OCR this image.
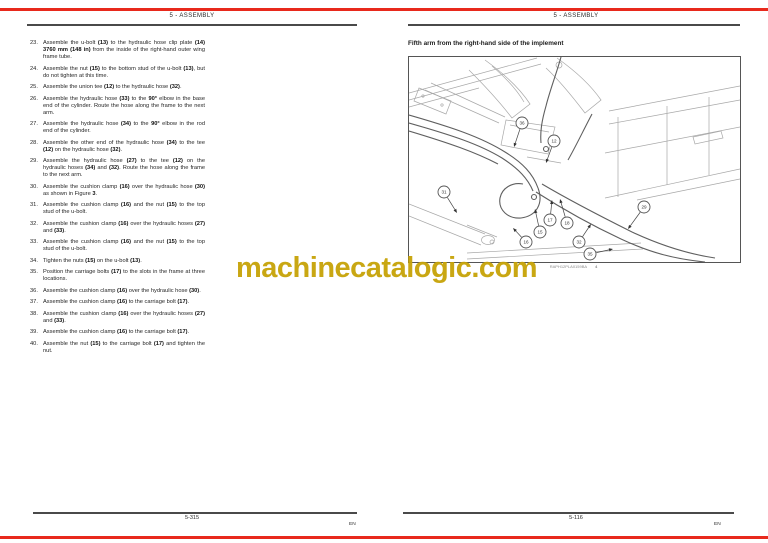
5 - ASSEMBLY
23. Assemble the u-bolt (13) to the hydraulic hose clip plate (14) 3760 mm (148 in) from the inside of the right-hand outer wing frame tube.
24. Assemble the nut (15) to the bottom stud of the u-bolt (13), but do not tighten at this time.
25. Assemble the union tee (12) to the hydraulic hose (32).
26. Assemble the hydraulic hose (33) to the 90° elbow in the base end of the cylinder. Route the hose along the frame to the next arm.
27. Assemble the hydraulic hose (34) to the 90° elbow in the rod end of the cylinder.
28. Assemble the other end of the hydraulic hose (34) to the tee (12) on the hydraulic hose (32).
29. Assemble the hydraulic hose (27) to the tee (12) on the hydraulic hoses (34) and (32). Route the hose along the frame to the next arm.
30. Assemble the cushion clamp (16) over the hydraulic hose (30) as shown in Figure 3.
31. Assemble the cushion clamp (16) and the nut (15) to the top stud of the u-bolt.
32. Assemble the cushion clamp (16) over the hydraulic hoses (27) and (33).
33. Assemble the cushion clamp (16) and the nut (15) to the top stud of the u-bolt.
34. Tighten the nuts (15) on the u-bolt (13).
35. Position the carriage bolts (17) to the slots in the frame at three locations.
36. Assemble the cushion clamp (16) over the hydraulic hose (30).
37. Assemble the cushion clamp (16) to the carriage bolt (17).
38. Assemble the cushion clamp (16) over the hydraulic hoses (27) and (33).
39. Assemble the cushion clamp (16) to the carriage bolt (17).
40. Assemble the nut (15) to the carriage bolt (17) and tighten the nut.
5-315
EN
5 - ASSEMBLY
Fifth arm from the right-hand side of the implement
36
12
31
17
18
15
16	32
35
29
RAPH12PLA0159BA 4
5-116
EN
machinecatalogic.com
